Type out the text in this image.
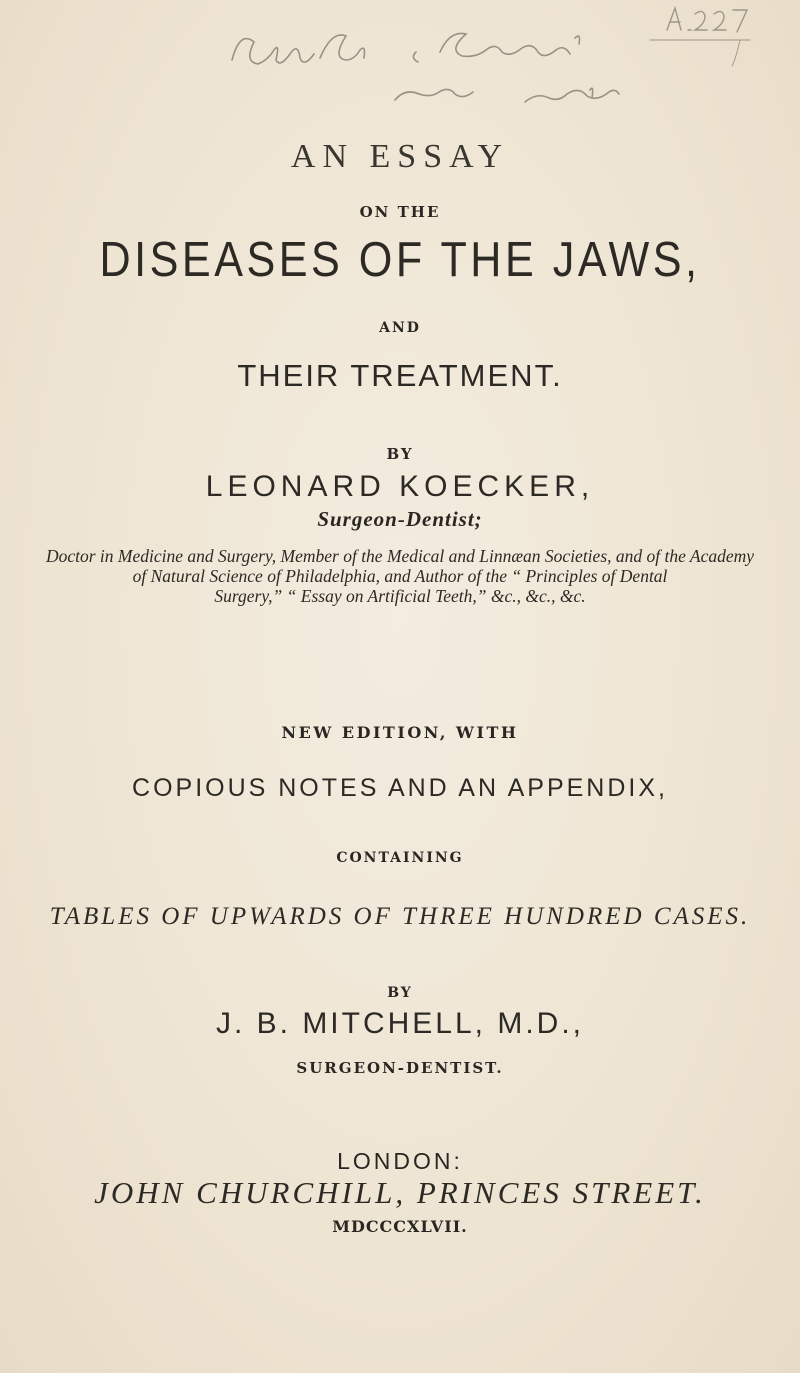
AN ESSAY
ON THE
DISEASES OF THE JAWS,
AND
THEIR TREATMENT.
BY
LEONARD KOECKER,
Surgeon-Dentist;
Doctor in Medicine and Surgery, Member of the Medical and Linnæan Societies, and of the Academy
of Natural Science of Philadelphia, and Author of the “ Principles of Dental
Surgery,” “ Essay on Artificial Teeth,” &c., &c., &c.
NEW EDITION, WITH
COPIOUS NOTES AND AN APPENDIX,
CONTAINING
TABLES OF UPWARDS OF THREE HUNDRED CASES.
BY
J. B. MITCHELL, M.D.,
SURGEON-DENTIST.
LONDON:
JOHN CHURCHILL, PRINCES STREET.
MDCCCXLVII.
